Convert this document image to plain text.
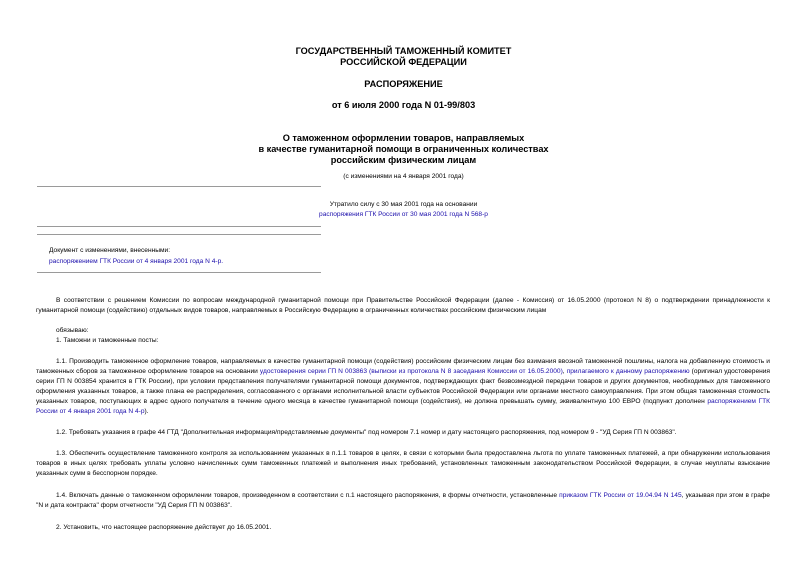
ГОСУДАРСТВЕННЫЙ ТАМОЖЕННЫЙ КОМИТЕТ
РОССИЙСКОЙ ФЕДЕРАЦИИ
РАСПОРЯЖЕНИЕ
от 6 июля 2000 года N 01-99/803
О таможенном оформлении товаров, направляемых
в качестве гуманитарной помощи в ограниченных количествах
российским физическим лицам
(с изменениями на 4 января 2001 года)
Утратило силу с 30 мая 2001 года на основании
распоряжения ГТК России от 30 мая 2001 года N 568-р
Документ с изменениями, внесенными:
распоряжением ГТК России от 4 января 2001 года N 4-р.
В соответствии с решением Комиссии по вопросам международной гуманитарной помощи при Правительстве Российской Федерации (далее - Комиссия) от 16.05.2000 (протокол N 8) о подтверждении принадлежности к гуманитарной помощи (содействию) отдельных видов товаров, направляемых в Российскую Федерацию в ограниченных количествах российским физическим лицам
обязываю:
1. Таможни и таможенные посты:
1.1. Производить таможенное оформление товаров, направляемых в качестве гуманитарной помощи (содействия) российским физическим лицам без взимания ввозной таможенной пошлины, налога на добавленную стоимость и таможенных сборов за таможенное оформление товаров на основании удостоверения серии ГП N 003863 (выписки из протокола N 8 заседания Комиссии от 16.05.2000), прилагаемого к данному распоряжению (оригинал удостоверения серии ГП N 003854 хранится в ГТК России), при условии представления получателями гуманитарной помощи документов, подтверждающих факт безвозмездной передачи товаров и других документов, необходимых для таможенного оформления указанных товаров, а также плана ее распределения, согласованного с органами исполнительной власти субъектов Российской Федерации или органами местного самоуправления. При этом общая таможенная стоимость указанных товаров, поступающих в адрес одного получателя в течение одного месяца в качестве гуманитарной помощи (содействия), не должна превышать сумму, эквивалентную 100 ЕВРО (подпункт дополнен распоряжением ГТК России от 4 января 2001 года N 4-р).
1.2. Требовать указания в графе 44 ГТД "Дополнительная информация/представляемые документы" под номером 7.1 номер и дату настоящего распоряжения, под номером 9 - "УД Серия ГП N 003863".
1.3. Обеспечить осуществление таможенного контроля за использованием указанных в п.1.1 товаров в целях, в связи с которыми была предоставлена льгота по уплате таможенных платежей, а при обнаружении использования товаров в иных целях требовать уплаты условно начисленных сумм таможенных платежей и выполнения иных требований, установленных таможенным законодательством Российской Федерации, в случае неуплаты взыскание указанных сумм в бесспорном порядке.
1.4. Включать данные о таможенном оформлении товаров, произведенном в соответствии с п.1 настоящего распоряжения, в формы отчетности, установленные приказом ГТК России от 19.04.94 N 145, указывая при этом в графе "N и дата контракта" форм отчетности "УД Серия ГП N 003863".
2. Установить, что настоящее распоряжение действует до 16.05.2001.
